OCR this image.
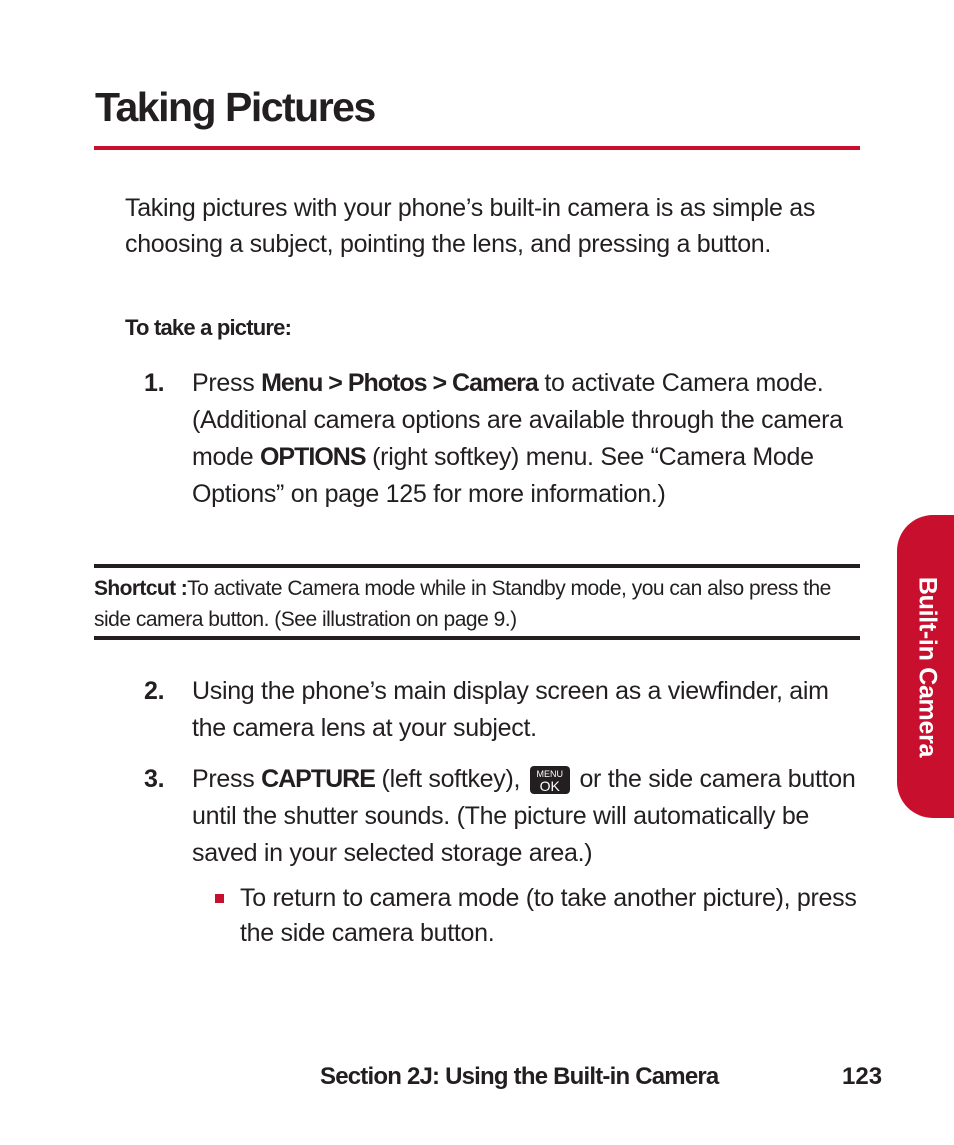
Taking Pictures

Taking pictures with your phone’s built-in camera is as simple as choosing a subject, pointing the lens, and pressing a button.

To take a picture:

1. Press Menu > Photos > Camera to activate Camera mode. (Additional camera options are available through the camera mode OPTIONS (right softkey) menu. See “Camera Mode Options” on page 125 for more information.)

Shortcut :To activate Camera mode while in Standby mode, you can also press the side camera button. (See illustration on page 9.)

2. Using the phone’s main display screen as a viewfinder, aim the camera lens at your subject.
3. Press CAPTURE (left softkey), MENU
OK or the side camera button until the shutter sounds. (The picture will automatically be saved in your selected storage area.)
To return to camera mode (to take another picture), press the side camera button.
Built-in Camera
Section 2J: Using the Built-in Camera	123
